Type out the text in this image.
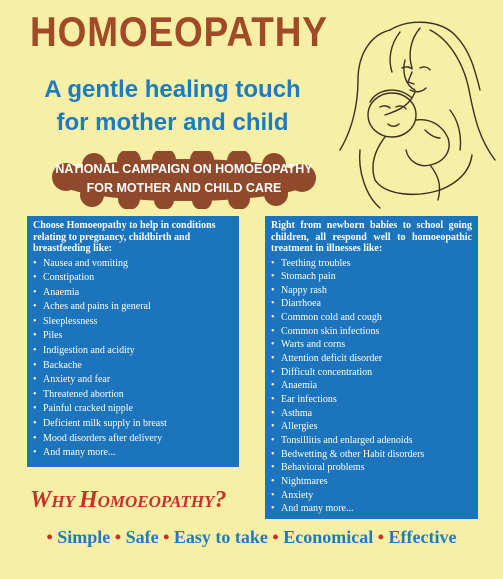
HOMOEOPATHY
A gentle healing touch
for mother and child
NATIONAL CAMPAIGN ON HOMOEOPATHY
FOR MOTHER AND CHILD CARE
Choose Homoeopathy to help in conditions relating to pregnancy, childbirth and breastfeeding like:
• Nausea and vomiting
• Constipation
• Anaemia
• Aches and pains in general
• Sleeplessness
• Piles
• Indigestion and acidity
• Backache
• Anxiety and fear
• Threatened abortion
• Painful cracked nipple
• Deficient milk supply in breast
• Mood disorders after delivery
• And many more...
Right from newborn babies to school going children, all respond well to homoeopathic treatment in illnesses like:
• Teething troubles
• Stomach pain
• Nappy rash
• Diarrhoea
• Common cold and cough
• Common skin infections
• Warts and corns
• Attention deficit disorder
• Difficult concentration
• Anaemia
• Ear infections
• Asthma
• Allergies
• Tonsillitis and enlarged adenoids
• Bedwetting & other Habit disorders
• Behavioral problems
• Nightmares
• Anxiety
• And many more...
WHY HOMOEOPATHY?
• Simple • Safe • Easy to take • Economical • Effective
